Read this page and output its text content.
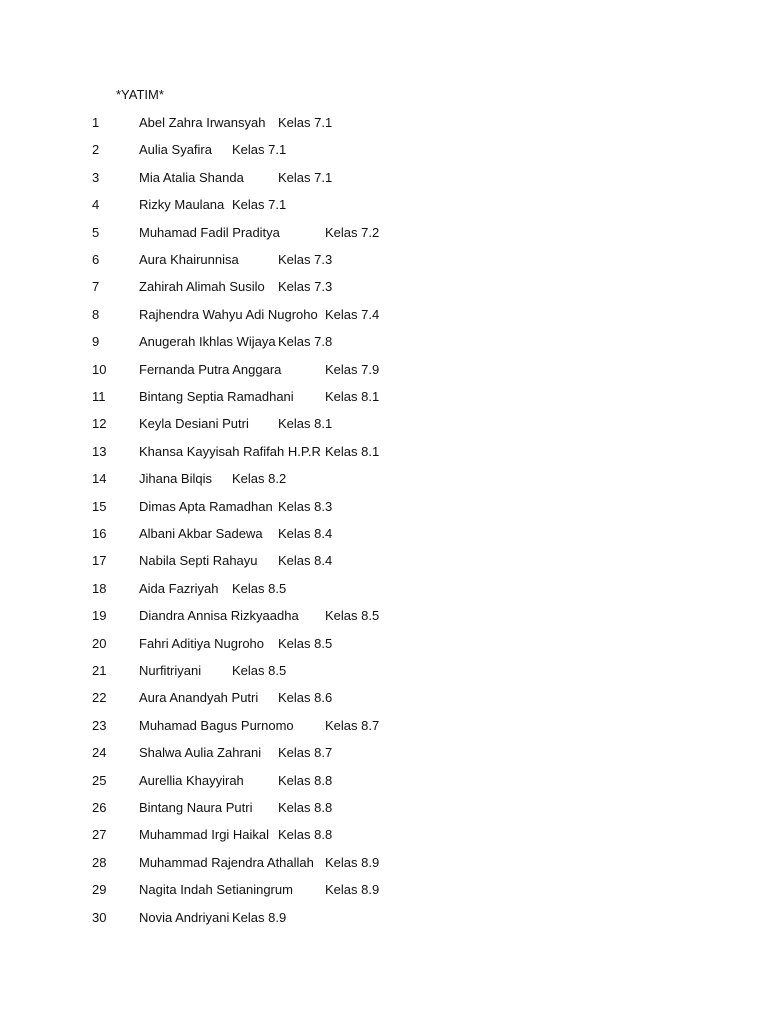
*YATIM*
1	Abel Zahra Irwansyah Kelas 7.1
2	Aulia Syafira Kelas 7.1
3	Mia Atalia Shanda	Kelas 7.1
4	Rizky Maulana Kelas 7.1
5	Muhamad Fadil Praditya	Kelas 7.2
6	Aura Khairunnisa	Kelas 7.3
7	Zahirah Alimah Susilo Kelas 7.3
8	Rajhendra Wahyu Adi Nugroho Kelas 7.4
9	Anugerah Ikhlas Wijaya Kelas 7.8
10	Fernanda Putra Anggara	Kelas 7.9
11	Bintang Septia Ramadhani Kelas 8.1
12	Keyla Desiani Putri Kelas 8.1
13	Khansa Kayyisah Rafifah H.P.R Kelas 8.1
14	Jihana Bilqis Kelas 8.2
15	Dimas Apta Ramadhan Kelas 8.3
16	Albani Akbar Sadewa Kelas 8.4
17	Nabila Septi Rahayu Kelas 8.4
18	Aida Fazriyah Kelas 8.5
19	Diandra Annisa Rizkyaadha Kelas 8.5
20	Fahri Aditiya Nugroho Kelas 8.5
21	Nurfitriyani Kelas 8.5
22	Aura Anandyah Putri Kelas 8.6
23	Muhamad Bagus Purnomo Kelas 8.7
24	Shalwa Aulia Zahrani Kelas 8.7
25	Aurellia Khayyirah	Kelas 8.8
26	Bintang Naura Putri Kelas 8.8
27	Muhammad Irgi Haikal Kelas 8.8
28	Muhammad Rajendra Athallah Kelas 8.9
29	Nagita Indah Setianingrum Kelas 8.9
30	Novia Andriyani Kelas 8.9
